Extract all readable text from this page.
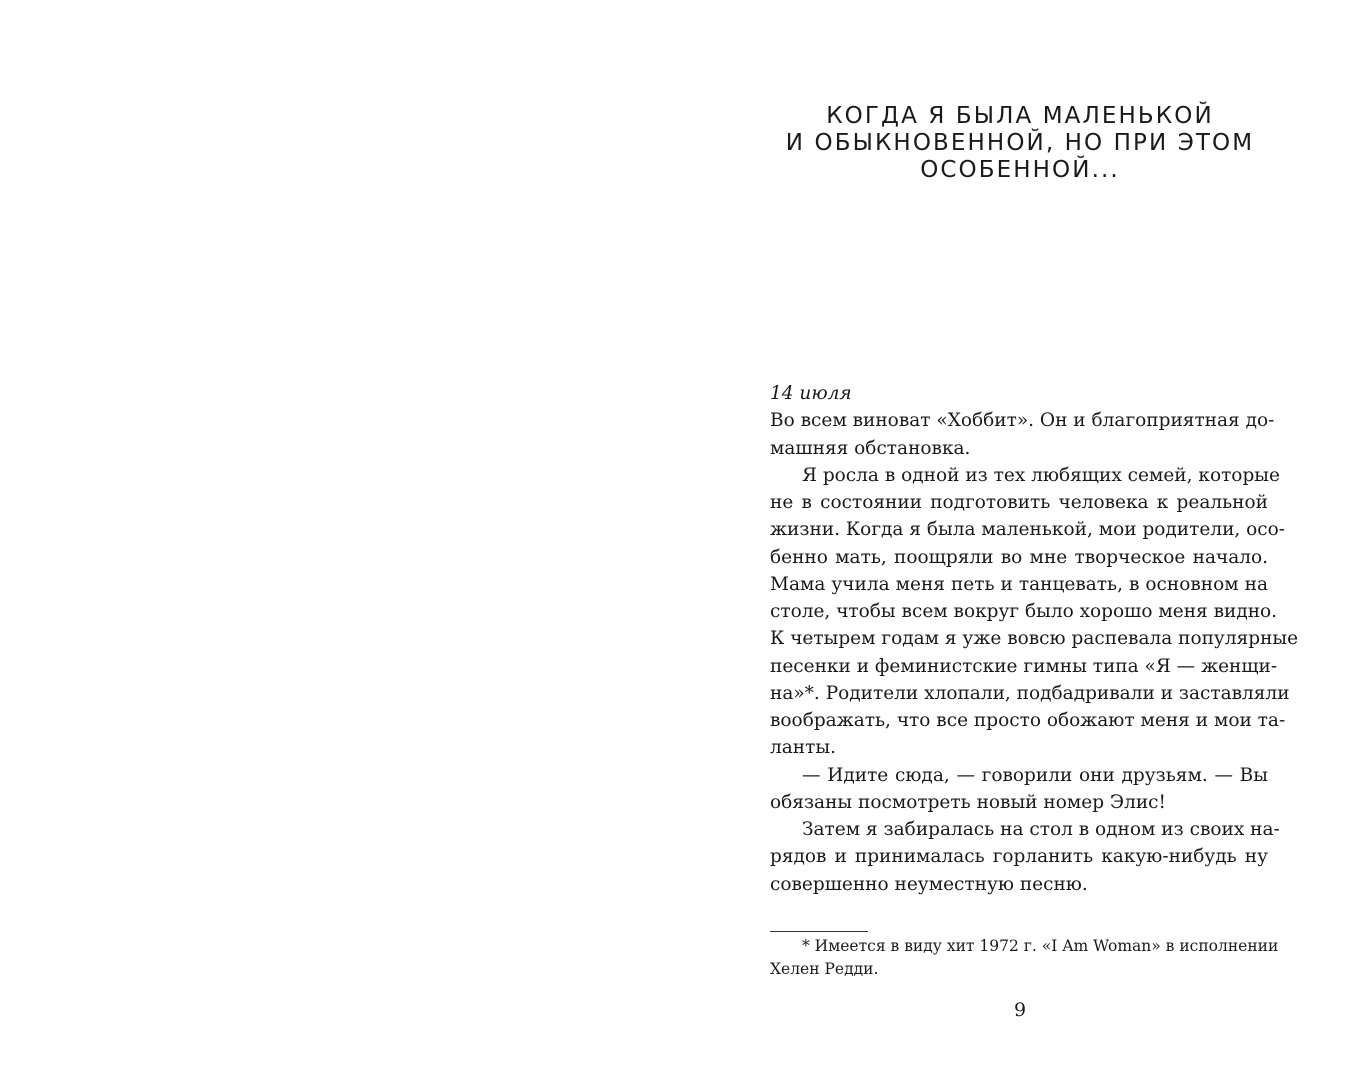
КОГДА Я БЫЛА МАЛЕНЬКОЙ
И ОБЫКНОВЕННОЙ, НО ПРИ ЭТОМ
ОСОБЕННОЙ...
14 июля
Во всем виноват «Хоббит». Он и благоприятная до-
машняя обстановка.
Я росла в одной из тех любящих семей, которые
не в состоянии подготовить человека к реальной
жизни. Когда я была маленькой, мои родители, осо-
бенно мать, поощряли во мне творческое начало.
Мама учила меня петь и танцевать, в основном на
столе, чтобы всем вокруг было хорошо меня видно.
К четырем годам я уже вовсю распевала популярные
песенки и феминистские гимны типа «Я — женщи-
на»*. Родители хлопали, подбадривали и заставляли
воображать, что все просто обожают меня и мои та-
ланты.
— Идите сюда, — говорили они друзьям. — Вы
обязаны посмотреть новый номер Элис!
Затем я забиралась на стол в одном из своих на-
рядов и принималась горланить какую-нибудь ну
совершенно неуместную песню.
* Имеется в виду хит 1972 г. «I Am Woman» в исполнении
Хелен Редди.
9
